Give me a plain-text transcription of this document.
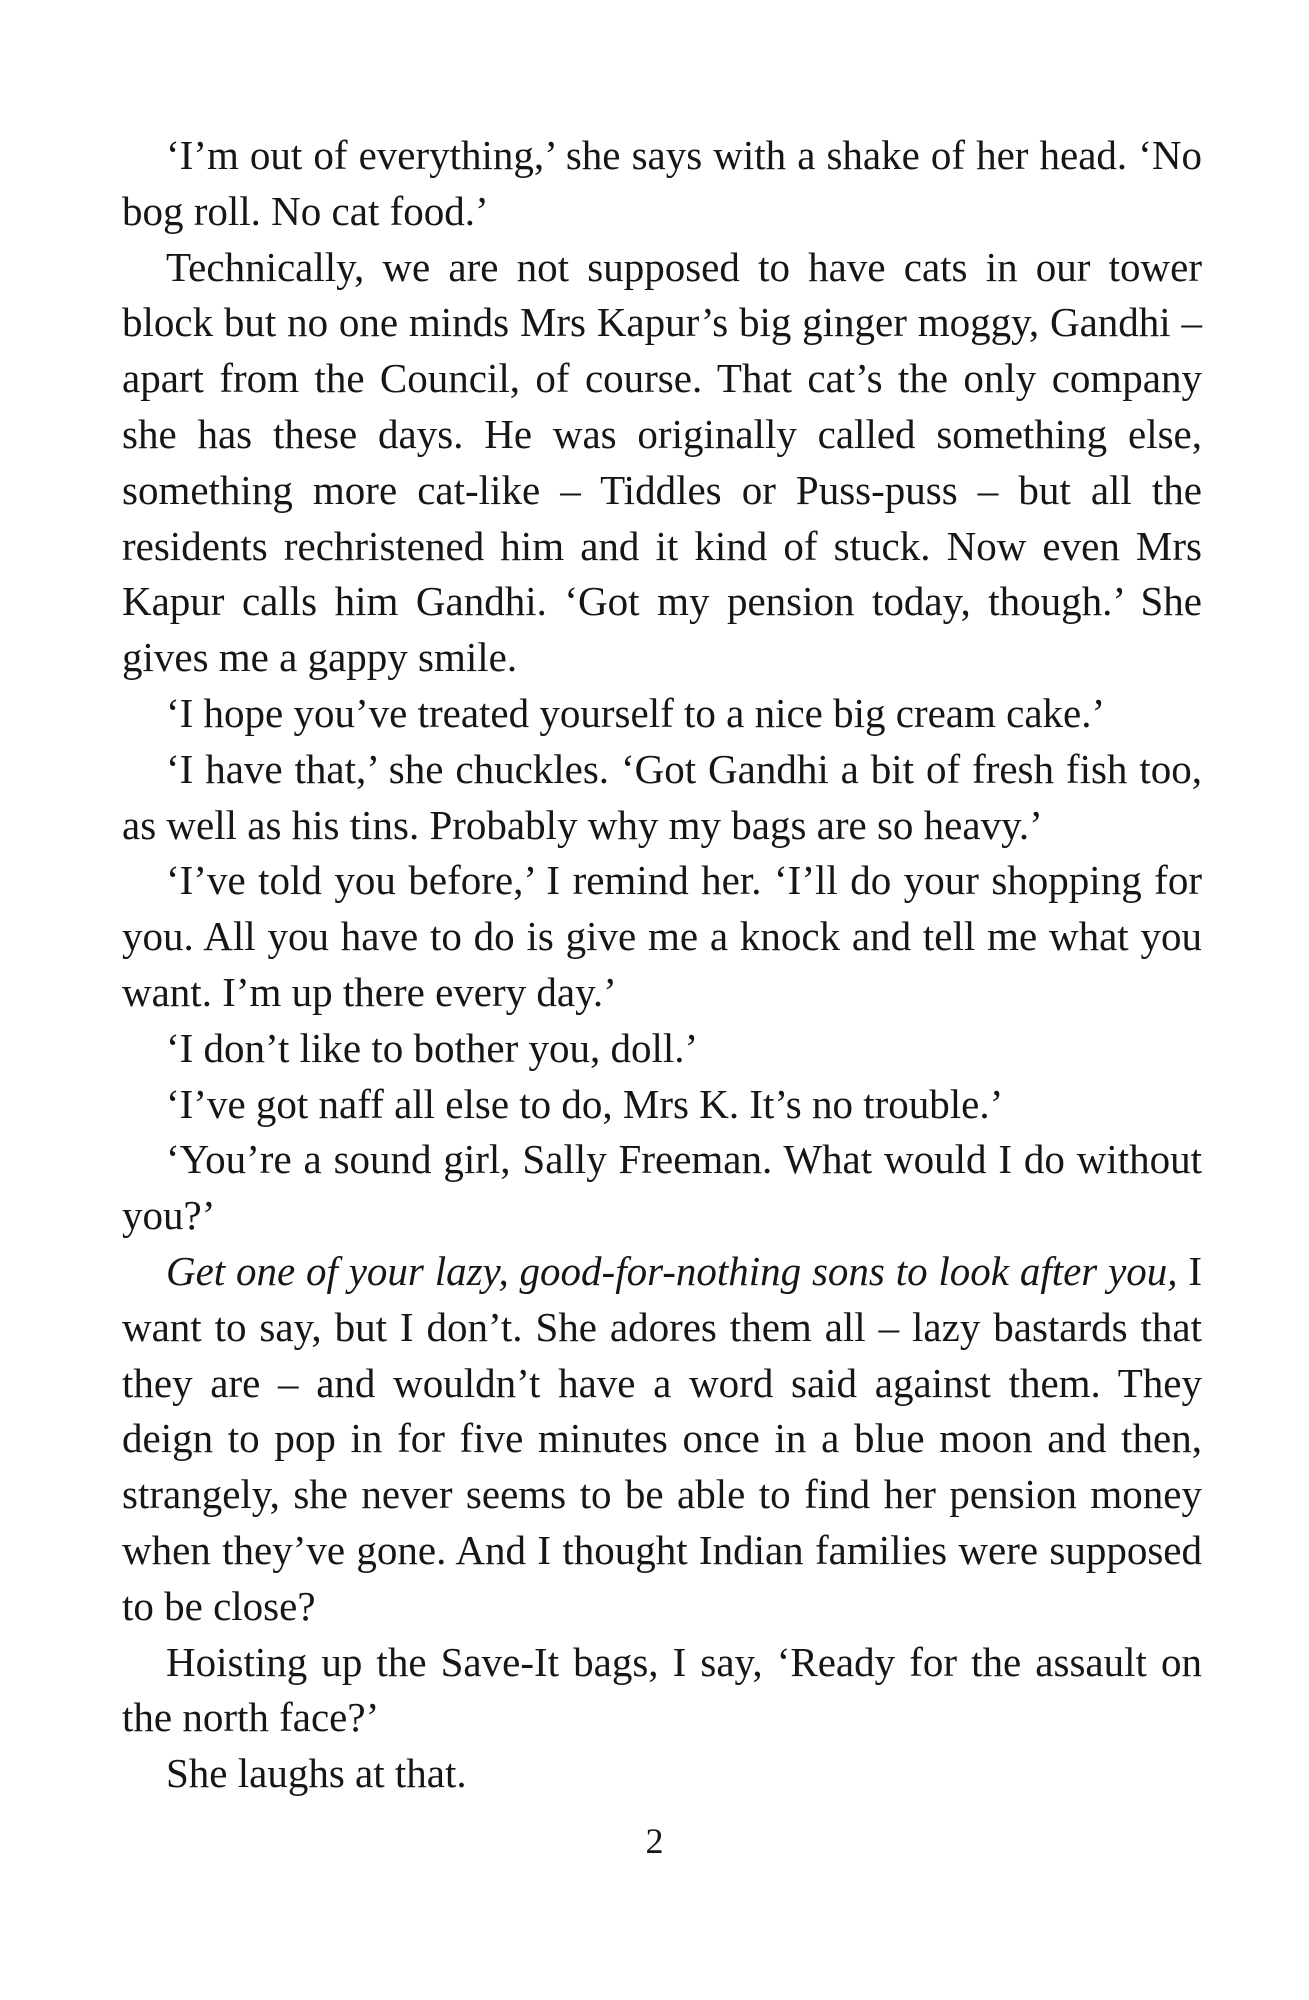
‘I’m out of everything,’ she says with a shake of her head. ‘No bog roll. No cat food.’

Technically, we are not supposed to have cats in our tower block but no one minds Mrs Kapur’s big ginger moggy, Gandhi – apart from the Council, of course. That cat’s the only company she has these days. He was originally called something else, something more cat-like – Tiddles or Puss-puss – but all the residents rechristened him and it kind of stuck. Now even Mrs Kapur calls him Gandhi. ‘Got my pension today, though.’ She gives me a gappy smile.

‘I hope you’ve treated yourself to a nice big cream cake.’

‘I have that,’ she chuckles. ‘Got Gandhi a bit of fresh fish too, as well as his tins. Probably why my bags are so heavy.’

‘I’ve told you before,’ I remind her. ‘I’ll do your shopping for you. All you have to do is give me a knock and tell me what you want. I’m up there every day.’

‘I don’t like to bother you, doll.’

‘I’ve got naff all else to do, Mrs K. It’s no trouble.’

‘You’re a sound girl, Sally Freeman. What would I do without you?’

Get one of your lazy, good-for-nothing sons to look after you, I want to say, but I don’t. She adores them all – lazy bastards that they are – and wouldn’t have a word said against them. They deign to pop in for five minutes once in a blue moon and then, strangely, she never seems to be able to find her pension money when they’ve gone. And I thought Indian families were supposed to be close?

Hoisting up the Save-It bags, I say, ‘Ready for the assault on the north face?’

She laughs at that.

2
